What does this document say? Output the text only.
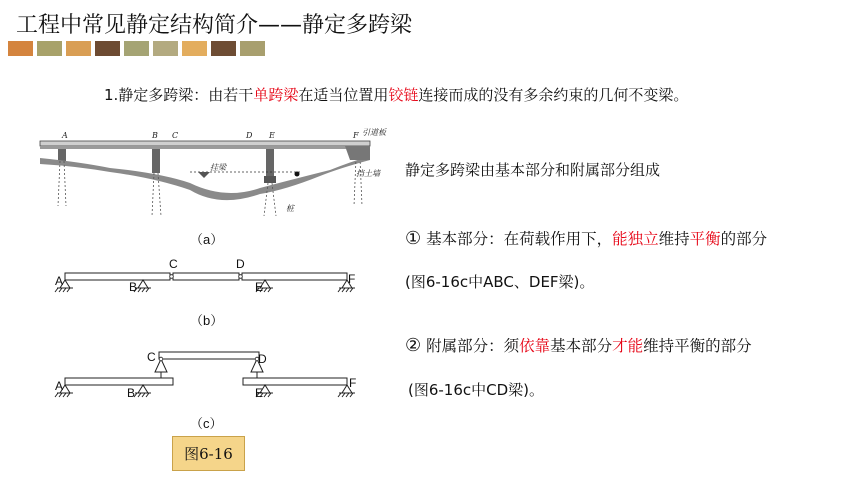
工程中常见静定结构简介——静定多跨梁
1.静定多跨梁：由若干单跨梁在适当位置用铰链连接而成的没有多余约束的几何不变梁。
A	B C	D E	F 引道板
挂梁
挡土墙
桩
（a）
A	B
C	D
E
F
（b）
C	D
A	B	E
F
（c）
图6-16
静定多跨梁由基本部分和附属部分组成
① 基本部分：在荷载作用下，能独立维持平衡的部分
(图6-16c中ABC、DEF梁)。
② 附属部分：须依靠基本部分才能维持平衡的部分
(图6-16c中CD梁)。
